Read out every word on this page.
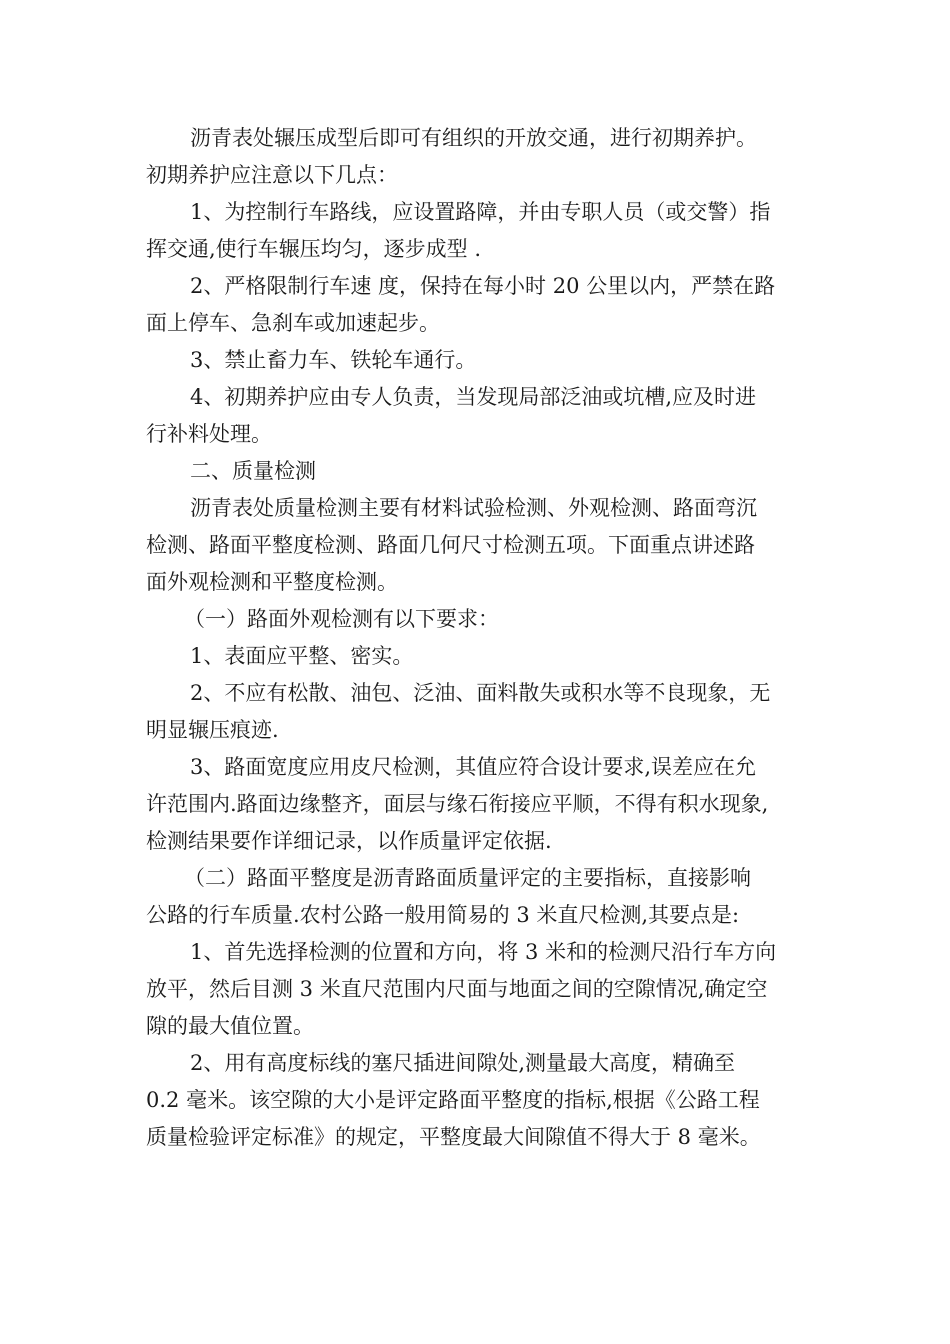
沥青表处辗压成型后即可有组织的开放交通，进行初期养护。

初期养护应注意以下几点：

1、为控制行车路线，应设置路障，并由专职人员（或交警）指

挥交通,使行车辗压均匀，逐步成型 .

2、严格限制行车速 度，保持在每小时 20 公里以内，严禁在路

面上停车、急刹车或加速起步。

3、禁止畜力车、铁轮车通行。

4、初期养护应由专人负责，当发现局部泛油或坑槽,应及时进

行补料处理。

二、质量检测

沥青表处质量检测主要有材料试验检测、外观检测、路面弯沉

检测、路面平整度检测、路面几何尺寸检测五项。下面重点讲述路

面外观检测和平整度检测。

（一）路面外观检测有以下要求：

1、表面应平整、密实。

2、不应有松散、油包、泛油、面料散失或积水等不良现象，无

明显辗压痕迹.

3、路面宽度应用皮尺检测，其值应符合设计要求,误差应在允

许范围内.路面边缘整齐，面层与缘石衔接应平顺，不得有积水现象,

检测结果要作详细记录，以作质量评定依据.

（二）路面平整度是沥青路面质量评定的主要指标，直接影响

公路的行车质量.农村公路一般用简易的 3 米直尺检测,其要点是:

1、首先选择检测的位置和方向，将 3 米和的检测尺沿行车方向

放平，然后目测 3 米直尺范围内尺面与地面之间的空隙情况,确定空

隙的最大值位置。

2、用有高度标线的塞尺插进间隙处,测量最大高度，精确至

0.2 毫米。该空隙的大小是评定路面平整度的指标,根据《公路工程

质量检验评定标准》的规定，平整度最大间隙值不得大于 8 毫米。
